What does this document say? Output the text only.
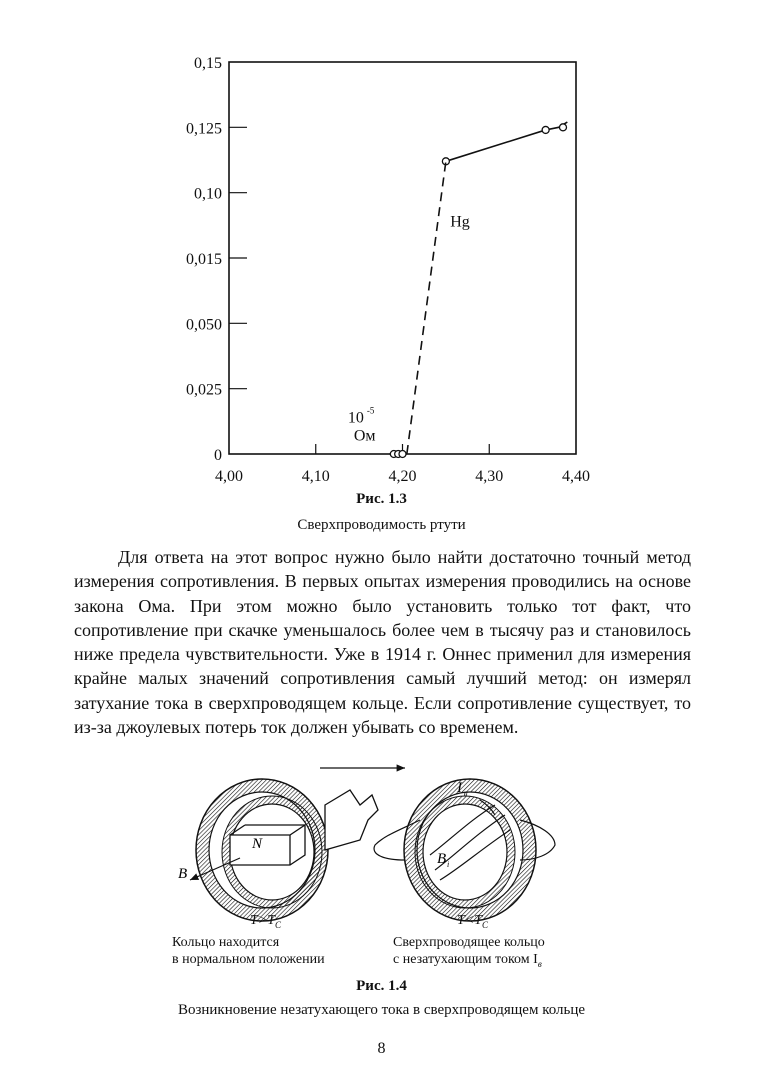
0,15
0,125
0,10
0,015
0,050
0,025
0
4,00	4,10	4,20	4,30	4,40
Hg
10 -5
Ом
Рис. 1.3
Сверхпроводимость ртути

Для ответа на этот вопрос нужно было найти достаточно точный метод измерения сопротивления. В первых опытах измерения проводились на основе закона Ома. При этом можно было установить только тот факт, что сопротивление при скачке уменьшалось более чем в тысячу раз и становилось ниже предела чувствительности. Уже в 1914 г. Оннес применил для измерения крайне малых значений сопротивления самый лучший метод: он измерял затухание тока в сверхпроводящем кольце. Если сопротивление существует, то из-за джоулевых потерь ток должен убывать со временем.

N
B
I в
B i
$T>T_C$
Кольцо находится
в нормальном положении
$T<T_C$
Сверхпроводящее кольцо
с незатухающим током $I_в$
Рис. 1.4
Возникновение незатухающего тока в сверхпроводящем кольце
8
